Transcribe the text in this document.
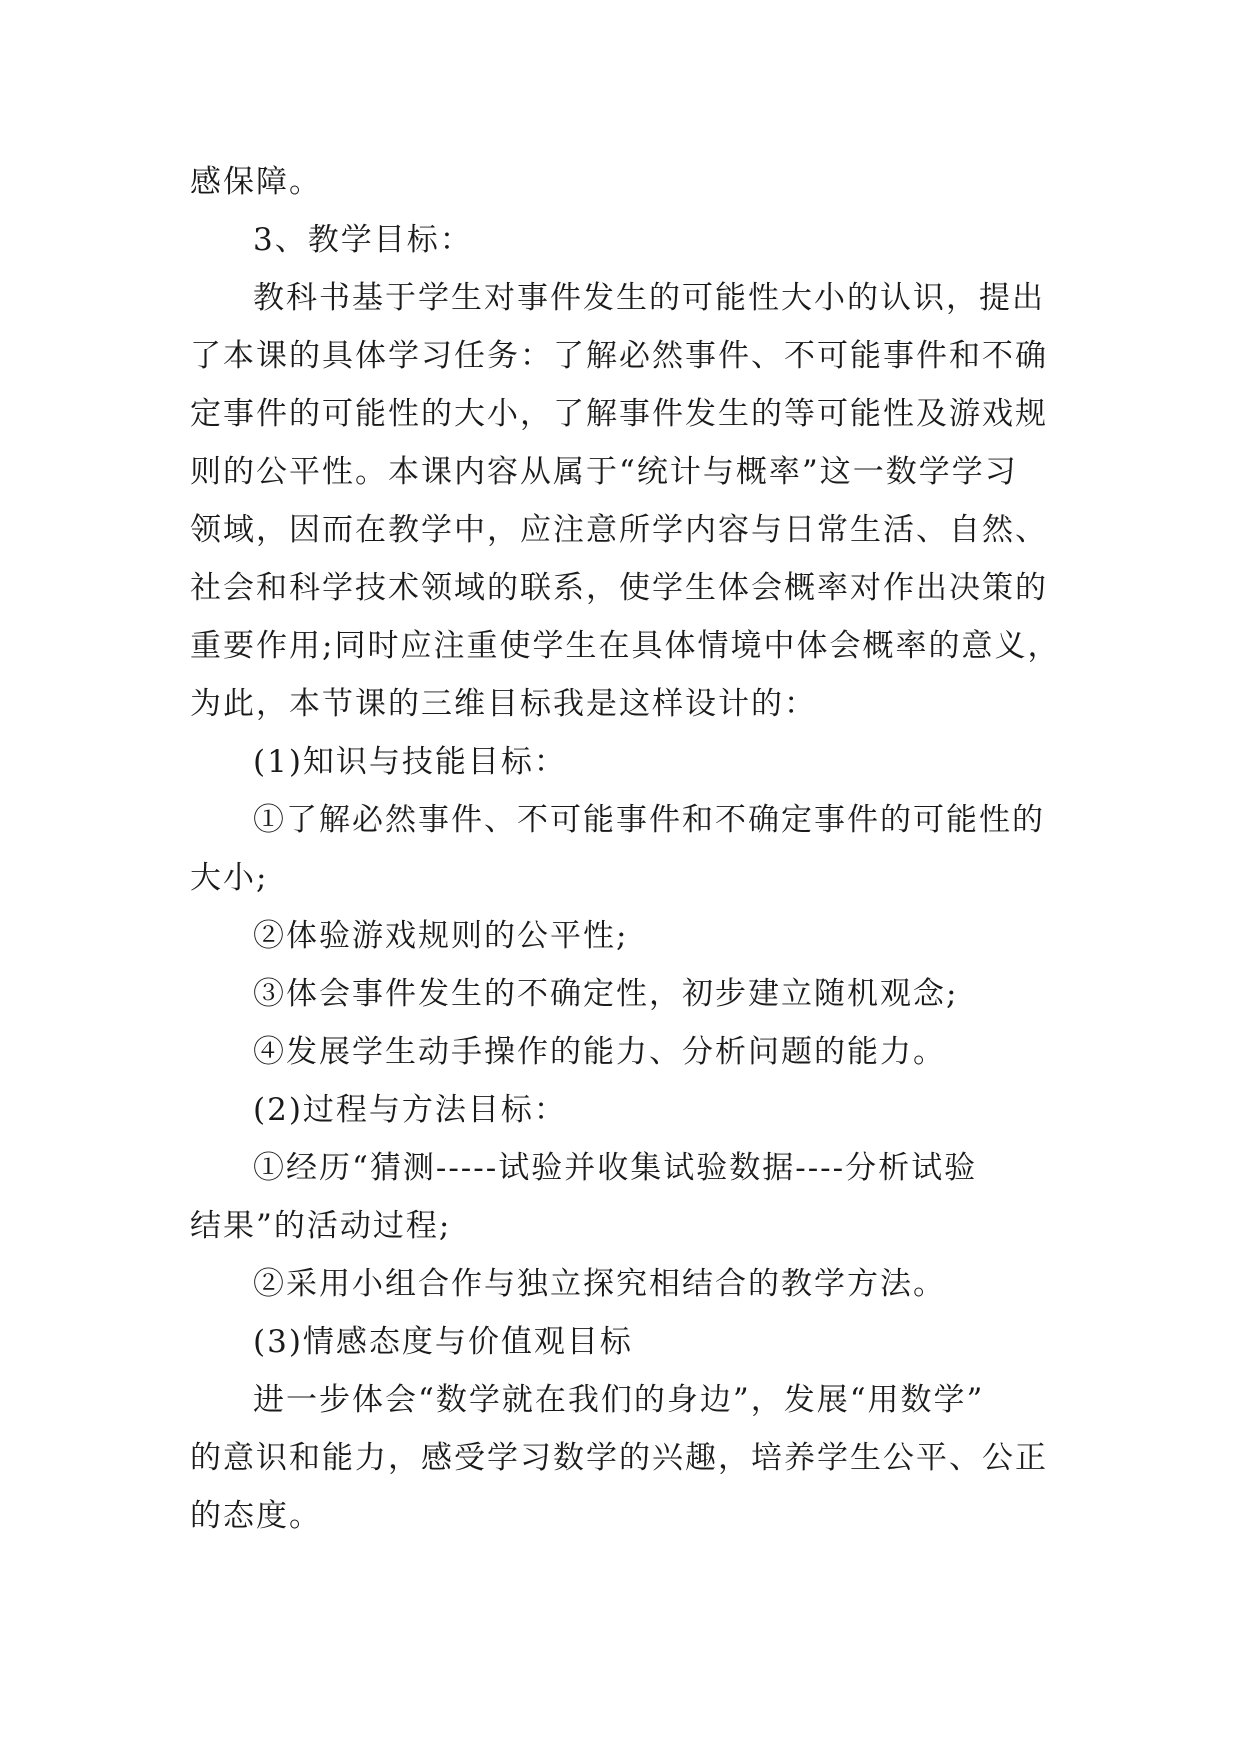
感保障。

3、教学目标：

教科书基于学生对事件发生的可能性大小的认识，提出

了本课的具体学习任务：了解必然事件、不可能事件和不确

定事件的可能性的大小，了解事件发生的等可能性及游戏规

则的公平性。本课内容从属于“统计与概率”这一数学学习

领域，因而在教学中，应注意所学内容与日常生活、自然、

社会和科学技术领域的联系，使学生体会概率对作出决策的

重要作用;同时应注重使学生在具体情境中体会概率的意义，

为此，本节课的三维目标我是这样设计的：

(1)知识与技能目标：

①了解必然事件、不可能事件和不确定事件的可能性的

大小;

②体验游戏规则的公平性;

③体会事件发生的不确定性，初步建立随机观念;

④发展学生动手操作的能力、分析问题的能力。

(2)过程与方法目标：

①经历“猜测-----试验并收集试验数据----分析试验

结果”的活动过程;

②采用小组合作与独立探究相结合的教学方法。

(3)情感态度与价值观目标

进一步体会“数学就在我们的身边”，发展“用数学”

的意识和能力，感受学习数学的兴趣，培养学生公平、公正

的态度。
